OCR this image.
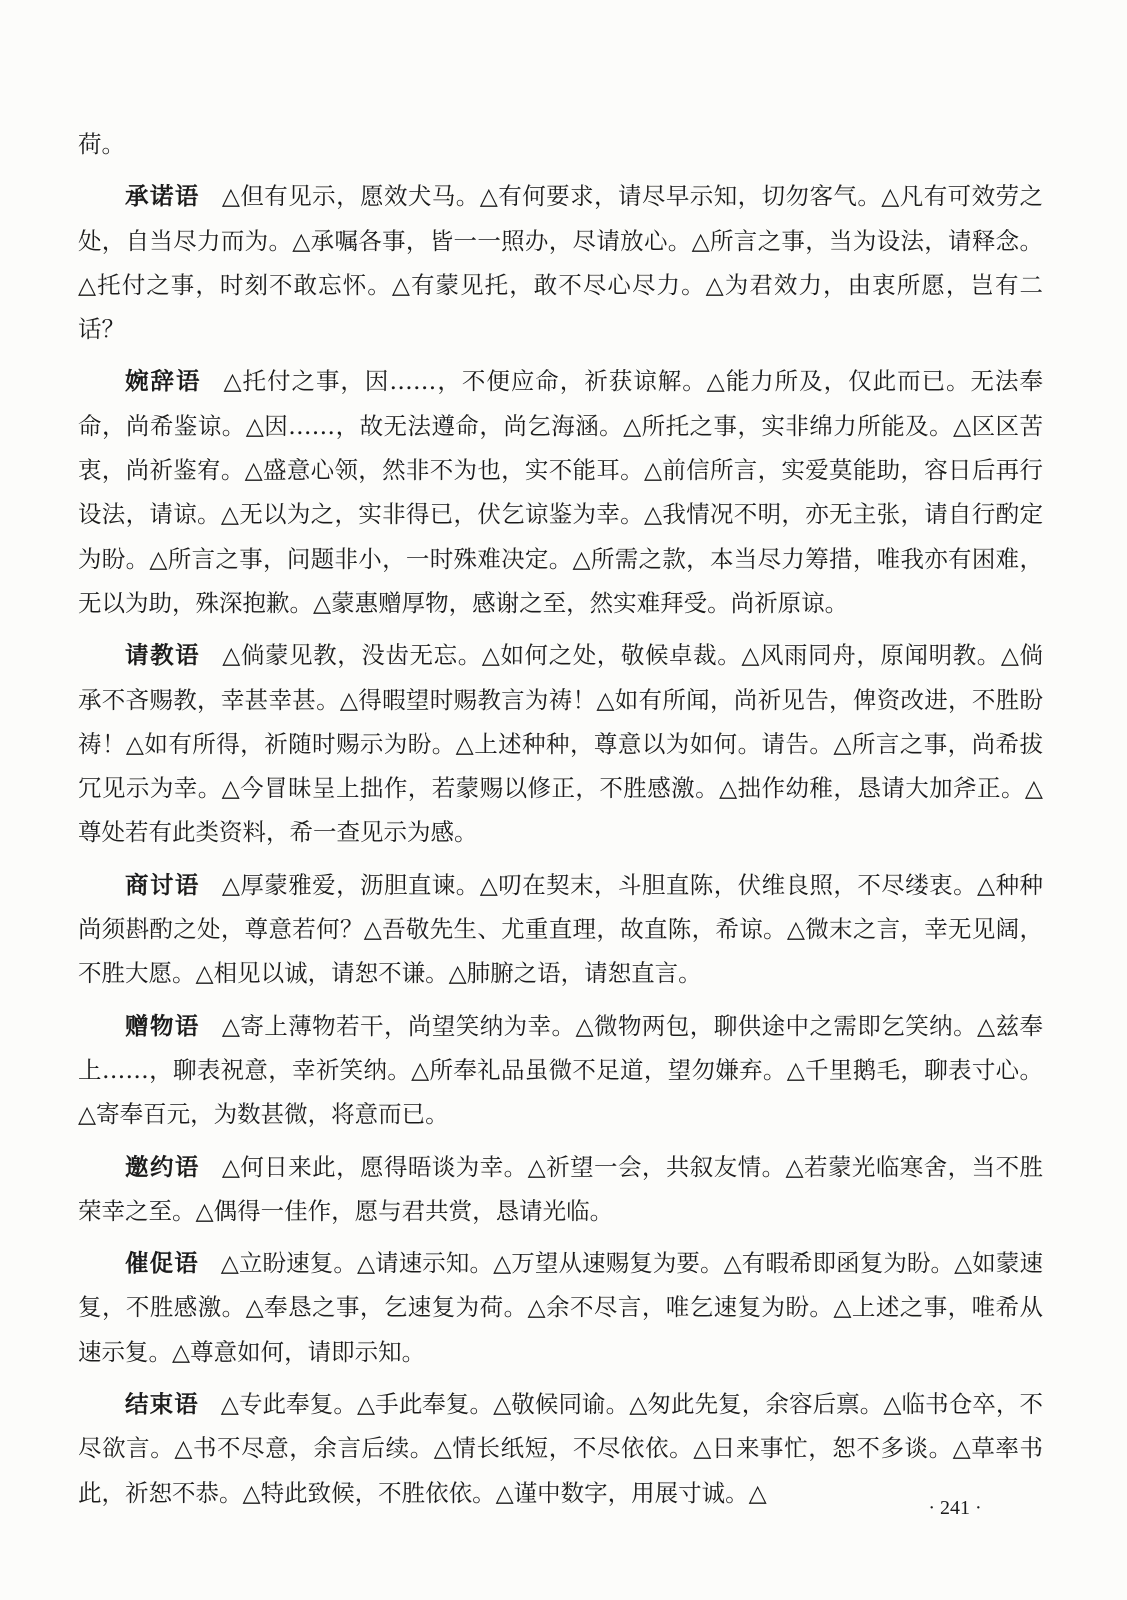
荷。

承诺语 △但有见示，愿效犬马。△有何要求，请尽早示知，切勿客气。△凡有可效劳之处，自当尽力而为。△承嘱各事，皆一一照办，尽请放心。△所言之事，当为设法，请释念。△托付之事，时刻不敢忘怀。△有蒙见托，敢不尽心尽力。△为君效力，由衷所愿，岂有二话？

婉辞语 △托付之事，因……，不便应命，祈获谅解。△能力所及，仅此而已。无法奉命，尚希鉴谅。△因……，故无法遵命，尚乞海涵。△所托之事，实非绵力所能及。△区区苦衷，尚祈鉴宥。△盛意心领，然非不为也，实不能耳。△前信所言，实爱莫能助，容日后再行设法，请谅。△无以为之，实非得已，伏乞谅鉴为幸。△我情况不明，亦无主张，请自行酌定为盼。△所言之事，问题非小，一时殊难决定。△所需之款，本当尽力筹措，唯我亦有困难，无以为助，殊深抱歉。△蒙惠赠厚物，感谢之至，然实难拜受。尚祈原谅。

请教语 △倘蒙见教，没齿无忘。△如何之处，敬候卓裁。△风雨同舟，原闻明教。△倘承不吝赐教，幸甚幸甚。△得暇望时赐教言为祷！△如有所闻，尚祈见告，俾资改进，不胜盼祷！△如有所得，祈随时赐示为盼。△上述种种，尊意以为如何。请告。△所言之事，尚希拔冗见示为幸。△今冒昧呈上拙作，若蒙赐以修正，不胜感激。△拙作幼稚，恳请大加斧正。△尊处若有此类资料，希一查见示为感。

商讨语 △厚蒙雅爱，沥胆直谏。△叨在契末，斗胆直陈，伏维良照，不尽缕衷。△种种尚须斟酌之处，尊意若何？△吾敬先生、尤重直理，故直陈，希谅。△微末之言，幸无见阔，不胜大愿。△相见以诚，请恕不谦。△肺腑之语，请恕直言。

赠物语 △寄上薄物若干，尚望笑纳为幸。△微物两包，聊供途中之需即乞笑纳。△兹奉上……，聊表祝意，幸祈笑纳。△所奉礼品虽微不足道，望勿嫌弃。△千里鹅毛，聊表寸心。△寄奉百元，为数甚微，将意而已。

邀约语 △何日来此，愿得晤谈为幸。△祈望一会，共叙友情。△若蒙光临寒舍，当不胜荣幸之至。△偶得一佳作，愿与君共赏，恳请光临。

催促语 △立盼速复。△请速示知。△万望从速赐复为要。△有暇希即函复为盼。△如蒙速复，不胜感激。△奉恳之事，乞速复为荷。△余不尽言，唯乞速复为盼。△上述之事，唯希从速示复。△尊意如何，请即示知。

结束语 △专此奉复。△手此奉复。△敬候同谕。△匆此先复，余容后禀。△临书仓卒，不尽欲言。△书不尽意，余言后续。△情长纸短，不尽依依。△日来事忙，恕不多谈。△草率书此，祈恕不恭。△特此致候，不胜依依。△谨中数字，用展寸诚。△

· 241 ·
